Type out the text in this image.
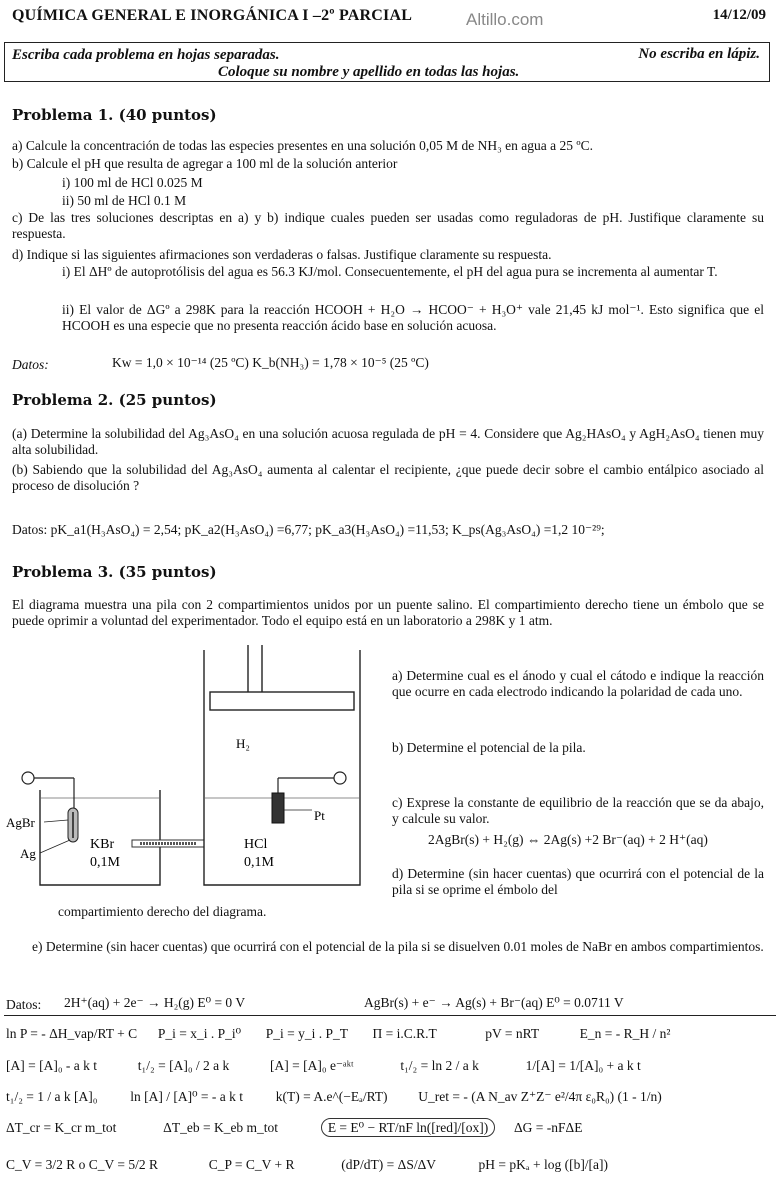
QUÍMICA GENERAL E INORGÁNICA I –2º PARCIAL	Altillo.com	14/12/09
Escriba cada problema en hojas separadas.
Coloque su nombre y apellido en todas las hojas.
No escriba en lápiz.
Problema 1. (40 puntos)
a) Calcule la concentración de todas las especies presentes en una solución 0,05 M de NH₃ en agua a 25 ºC.
b) Calcule el pH que resulta de agregar a 100 ml de la solución anterior
i) 100 ml de HCl 0.025 M
ii) 50 ml de HCl 0.1 M
c) De las tres soluciones descriptas en a) y b) indique cuales pueden ser usadas como reguladoras de pH. Justifique claramente su respuesta.
d) Indique si las siguientes afirmaciones son verdaderas o falsas. Justifique claramente su respuesta.
i) El ΔHº de autoprotólisis del agua es 56.3 KJ/mol. Consecuentemente, el pH del agua pura se incrementa al aumentar T.
ii) El valor de ΔGº a 298K para la reacción HCOOH + H₂O → HCOO⁻ + H₃O⁺ vale 21,45 kJ mol⁻¹. Esto significa que el HCOOH es una especie que no presenta reacción ácido base en solución acuosa.
Datos:	Kw = 1,0 × 10⁻¹⁴ (25 ºC) K_b(NH₃) = 1,78 × 10⁻⁵ (25 ºC)
Problema 2. (25 puntos)
(a) Determine la solubilidad del Ag₃AsO₄ en una solución acuosa regulada de pH = 4. Considere que Ag₂HAsO₄ y AgH₂AsO₄ tienen muy alta solubilidad.
(b) Sabiendo que la solubilidad del Ag₃AsO₄ aumenta al calentar el recipiente, ¿que puede decir sobre el cambio entálpico asociado al proceso de disolución ?
Datos: pK_a1(H₃AsO₄) = 2,54; pK_a2(H₃AsO₄) =6,77; pK_a3(H₃AsO₄) =11,53; K_ps(Ag₃AsO₄) =1,2 10⁻²⁹;
Problema 3. (35 puntos)
El diagrama muestra una pila con 2 compartimientos unidos por un puente salino. El compartimiento derecho tiene un émbolo que se puede oprimir a voluntad del experimentador. Todo el equipo está en un laboratorio a 298K y 1 atm.
H₂
Pt
AgBr
Ag
KBr
0,1M
HCl
0,1M
a) Determine cual es el ánodo y cual el cátodo e indique la reacción que ocurre en cada electrodo indicando la polaridad de cada uno.
b) Determine el potencial de la pila.
c) Exprese la constante de equilibrio de la reacción que se da abajo, y calcule su valor.
2AgBr(s) + H₂(g) ⇔ 2Ag(s) +2 Br⁻(aq) + 2 H⁺(aq)
d) Determine (sin hacer cuentas) que ocurrirá con el potencial de la pila si se oprime el émbolo del
compartimiento derecho del diagrama.
e) Determine (sin hacer cuentas) que ocurrirá con el potencial de la pila si se disuelven 0.01 moles de NaBr en ambos compartimientos.
Datos: 2H⁺(aq) + 2e⁻ → H₂(g) E⁰ = 0 V	AgBr(s) + e⁻ → Ag(s) + Br⁻(aq) E⁰ = 0.0711 V
ln P = - ΔH_vap/RT + C P_i = x_i . P_i⁰ P_i = y_i . P_T Π = i.C.R.T	pV = nRT	E_n = - R_H / n²
[A] = [A]₀ - a k t	t₁/₂ = [A]₀ / 2 a k	[A] = [A]₀ e⁻ᵃᵏᵗ	t₁/₂ = ln 2 / a k	1/[A] = 1/[A]₀ + a k t
t₁/₂ = 1 / a k [A]₀ ln [A] / [A]⁰ = - a k t k(T) = A.e^(−Eₐ/RT) U_ret = - (A N_av Z⁺Z⁻ e²/4π ε₀R₀) (1 - 1/n)
ΔT_cr = K_cr m_tot	ΔT_eb = K_eb m_tot	E = E⁰ − RT/nF ln([red]/[ox]) ΔG = -nFΔE
C_V = 3/2 R o C_V = 5/2 R	C_P = C_V + R	(dP/dT) = ΔS/ΔV	pH = pKₐ + log ([b]/[a])
